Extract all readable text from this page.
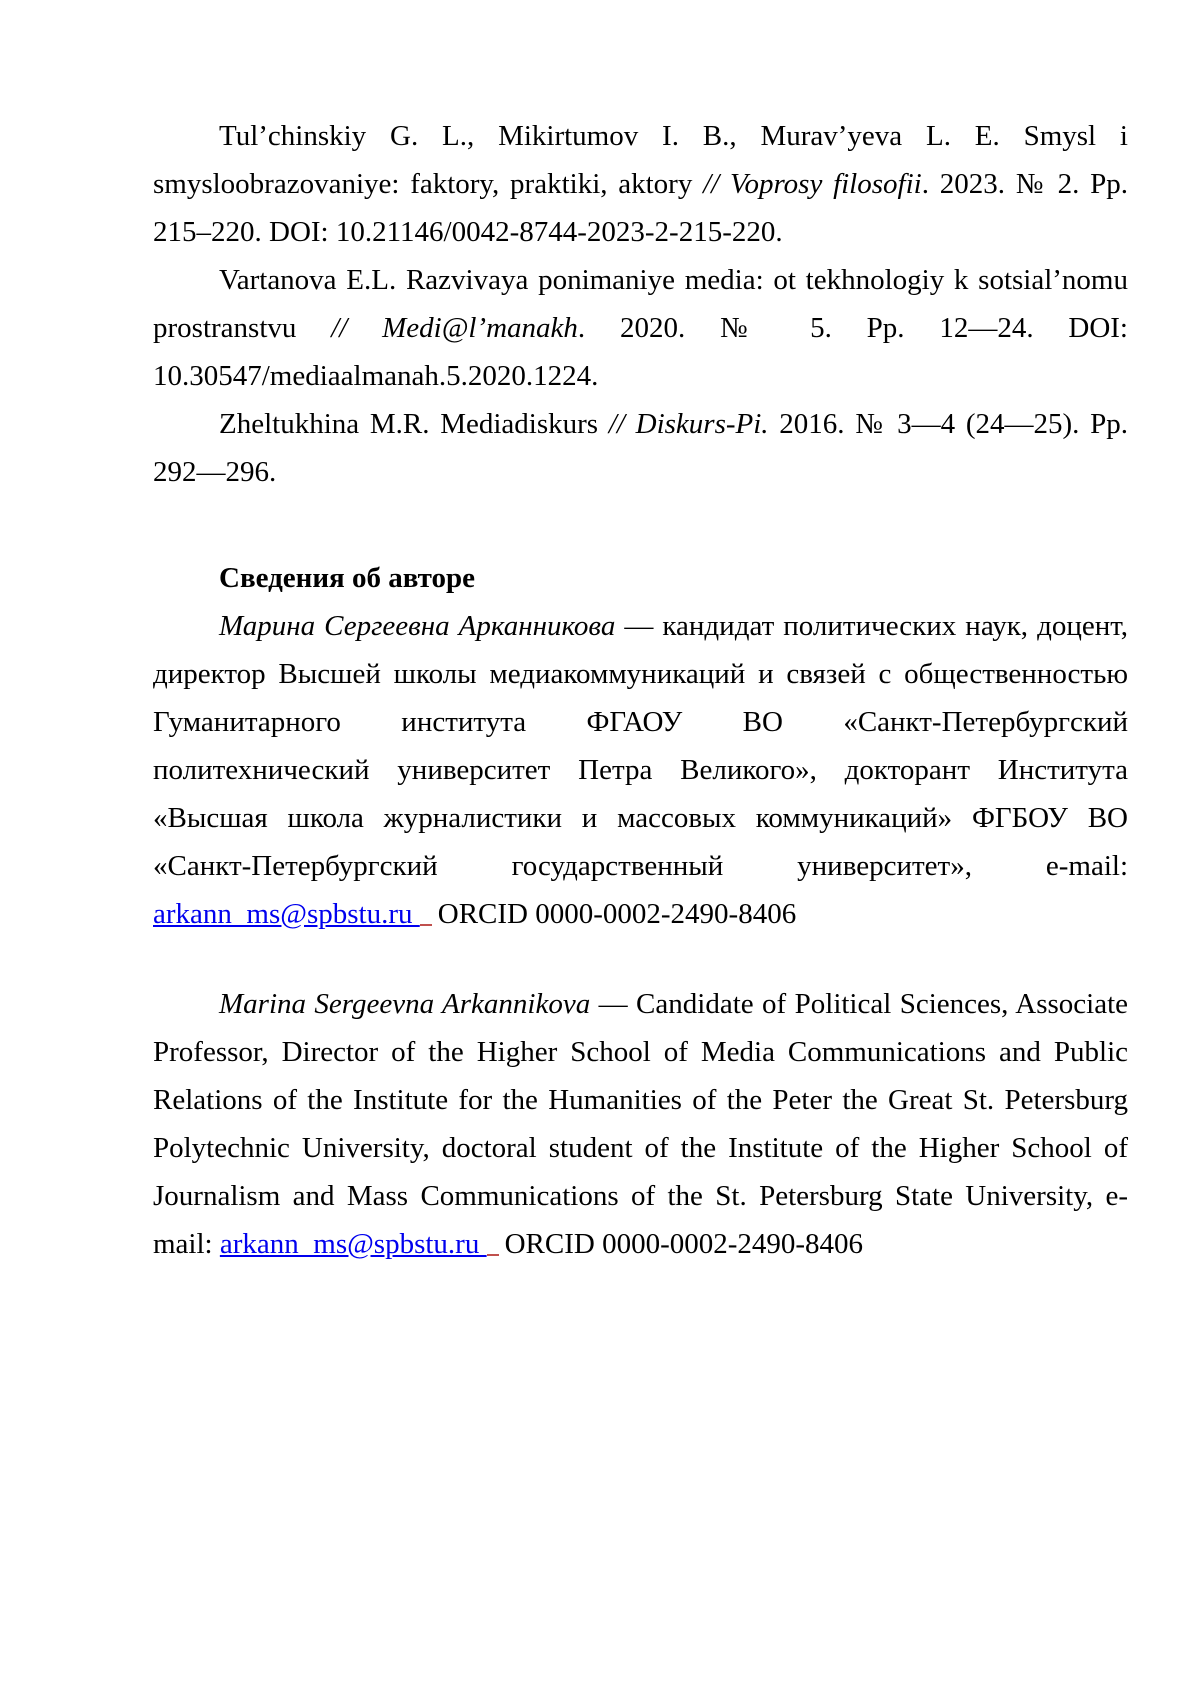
Tul’chinskiy G. L., Mikirtumov I. B., Murav’yeva L. E. Smysl i smysloobrazovaniye: faktory, praktiki, aktory // Voprosy filosofii. 2023. № 2. Pp. 215–220. DOI: 10.21146/0042-8744-2023-2-215-220.

Vartanova E.L. Razvivaya ponimaniye media: ot tekhnologiy k sotsial’nomu prostranstvu // Medi@l’manakh. 2020. № 5. Pp. 12—24. DOI: 10.30547/mediaalmanah.5.2020.1224.

Zheltukhina M.R. Mediadiskurs // Diskurs-Pi. 2016. № 3—4 (24—25). Pp. 292—296.

Сведения об авторе

Марина Сергеевна Арканникова — кандидат политических наук, доцент, директор Высшей школы медиакоммуникаций и связей с общественностью Гуманитарного института ФГАОУ ВО «Санкт-Петербургский политехнический университет Петра Великого», докторант Института «Высшая школа журналистики и массовых коммуникаций» ФГБОУ ВО «Санкт-Петербургский государственный университет», e-mail: arkann_ms@spbstu.ru ORCID 0000-0002-2490-8406

Marina Sergeevna Arkannikova — Candidate of Political Sciences, Associate Professor, Director of the Higher School of Media Communications and Public Relations of the Institute for the Humanities of the Peter the Great St. Petersburg Polytechnic University, doctoral student of the Institute of the Higher School of Journalism and Mass Communications of the St. Petersburg State University, e-mail: arkann_ms@spbstu.ru ORCID 0000-0002-2490-8406
